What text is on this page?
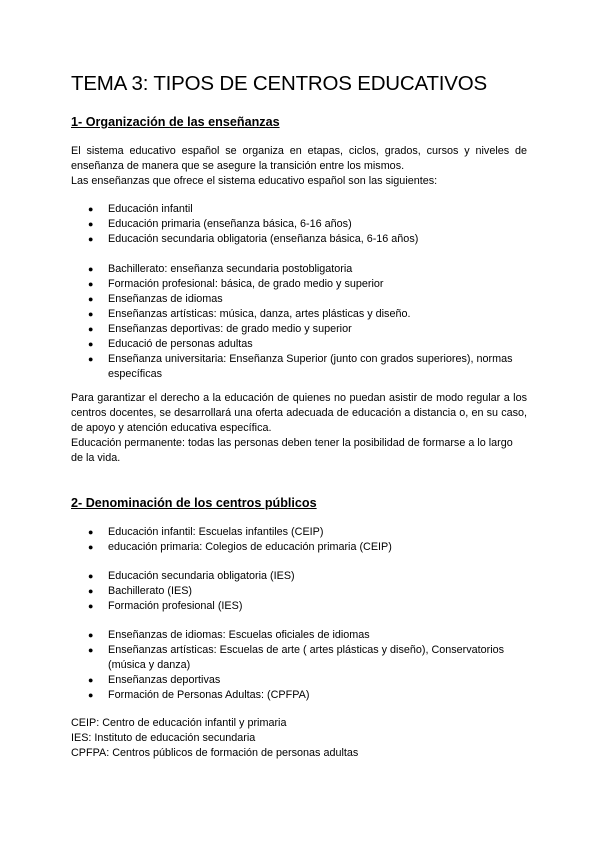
TEMA 3: TIPOS DE CENTROS EDUCATIVOS
1- Organización de las enseñanzas

El sistema educativo español se organiza en etapas, ciclos, grados, cursos y niveles de enseñanza de manera que se asegure la transición entre los mismos.

Las enseñanzas que ofrece el sistema educativo español son las siguientes:

● Educación infantil
● Educación primaria (enseñanza básica, 6-16 años)
● Educación secundaria obligatoria (enseñanza básica, 6-16 años)
● Bachillerato: enseñanza secundaria postobligatoria
● Formación profesional: básica, de grado medio y superior
● Enseñanzas de idiomas
● Enseñanzas artísticas: música, danza, artes plásticas y diseño.
● Enseñanzas deportivas: de grado medio y superior
● Educació de personas adultas
● Enseñanza universitaria: Enseñanza Superior (junto con grados superiores), normas específicas

Para garantizar el derecho a la educación de quienes no puedan asistir de modo regular a los centros docentes, se desarrollará una oferta adecuada de educación a distancia o, en su caso, de apoyo y atención educativa específica.

Educación permanente: todas las personas deben tener la posibilidad de formarse a lo largo de la vida.

2- Denominación de los centros públicos
● Educación infantil: Escuelas infantiles (CEIP)
● educación primaria: Colegios de educación primaria (CEIP)
● Educación secundaria obligatoria (IES)
● Bachillerato (IES)
● Formación profesional (IES)
● Enseñanzas de idiomas: Escuelas oficiales de idiomas
● Enseñanzas artísticas: Escuelas de arte ( artes plásticas y diseño), Conservatorios (música y danza)
● Enseñanzas deportivas
● Formación de Personas Adultas: (CPFPA)

CEIP: Centro de educación infantil y primaria

IES: Instituto de educación secundaria

CPFPA: Centros públicos de formación de personas adultas
